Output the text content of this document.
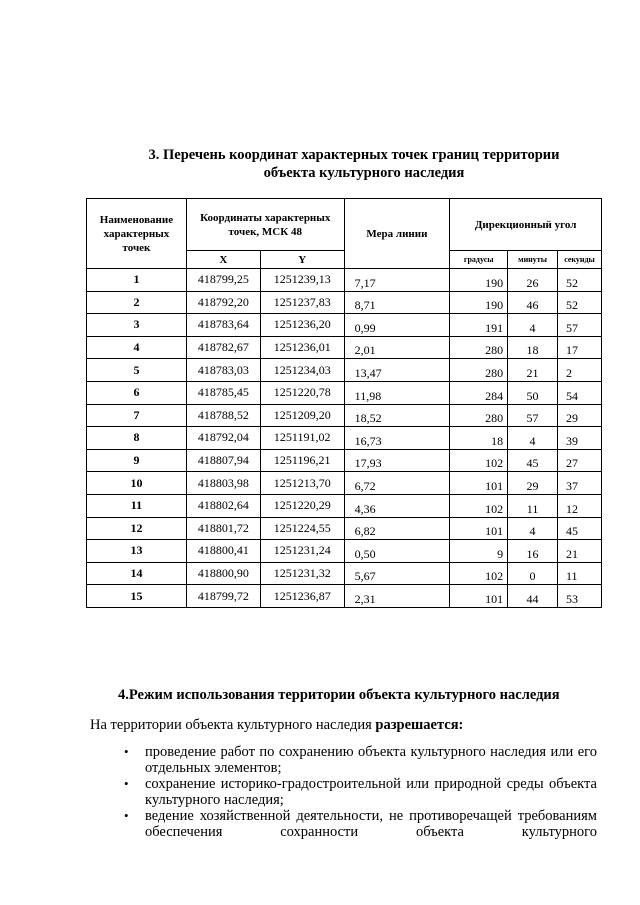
3. Перечень координат характерных точек границ территории
объекта культурного наследия
Наименование характерных точек	Координаты характерных точек, МСК 48		Мера линии	Дирекционный угол		
	X	Y		градусы	минуты	секунды
1	418799,25	1251239,13	7,17	190	26	52
2	418792,20	1251237,83	8,71	190	46	52
3	418783,64	1251236,20	0,99	191	4	57
4	418782,67	1251236,01	2,01	280	18	17
5	418783,03	1251234,03	13,47	280	21	2
6	418785,45	1251220,78	11,98	284	50	54
7	418788,52	1251209,20	18,52	280	57	29
8	418792,04	1251191,02	16,73	18	4	39
9	418807,94	1251196,21	17,93	102	45	27
10	418803,98	1251213,70	6,72	101	29	37
11	418802,64	1251220,29	4,36	102	11	12
12	418801,72	1251224,55	6,82	101	4	45
13	418800,41	1251231,24	0,50	9	16	21
14	418800,90	1251231,32	5,67	102	0	11
15	418799,72	1251236,87	2,31	101	44	53
4.Режим использования территории объекта культурного наследия

На территории объекта культурного наследия разрешается:

• проведение работ по сохранению объекта культурного наследия или его отдельных элементов;
• сохранение историко-градостроительной или природной среды объекта культурного наследия;
• ведение хозяйственной деятельности, не противоречащей требованиям обеспечения сохранности объекта культурного
